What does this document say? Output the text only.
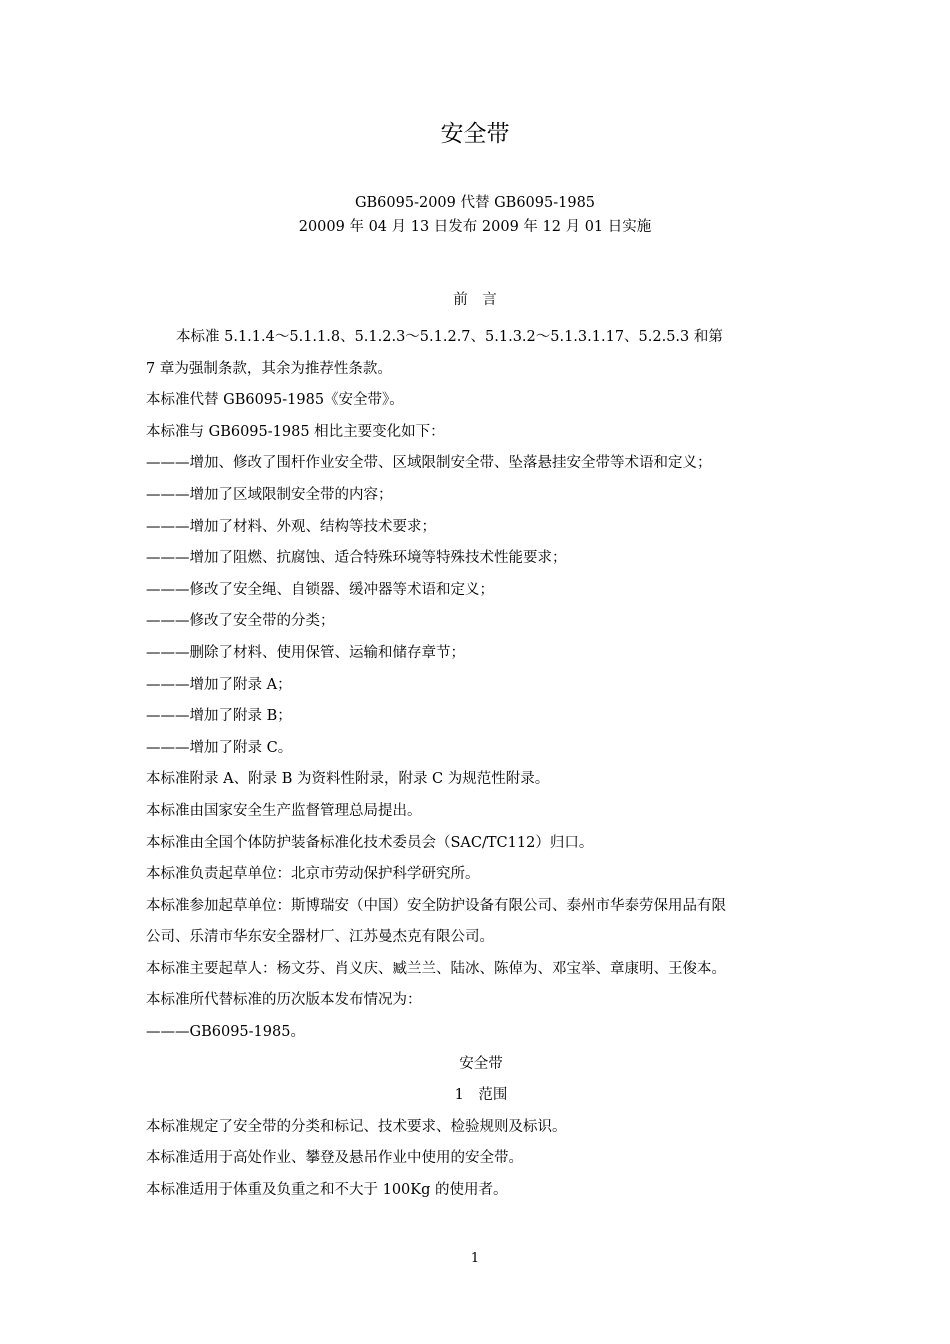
安全带
GB6095-2009 代替 GB6095-1985
20009 年 04 月 13 日发布 2009 年 12 月 01 日实施
前　言
本标准 5.1.1.4～5.1.1.8、5.1.2.3～5.1.2.7、5.1.3.2～5.1.3.1.17、5.2.5.3 和第
7 章为强制条款，其余为推荐性条款。
本标准代替 GB6095-1985《安全带》。
本标准与 GB6095-1985 相比主要变化如下：
———增加、修改了围杆作业安全带、区域限制安全带、坠落悬挂安全带等术语和定义；
———增加了区域限制安全带的内容；
———增加了材料、外观、结构等技术要求；
———增加了阻燃、抗腐蚀、适合特殊环境等特殊技术性能要求；
———修改了安全绳、自锁器、缓冲器等术语和定义；
———修改了安全带的分类；
———删除了材料、使用保管、运输和储存章节；
———增加了附录 A；
———增加了附录 B；
———增加了附录 C。
本标准附录 A、附录 B 为资料性附录，附录 C 为规范性附录。
本标准由国家安全生产监督管理总局提出。
本标准由全国个体防护装备标准化技术委员会（SAC/TC112）归口。
本标准负责起草单位：北京市劳动保护科学研究所。
本标准参加起草单位：斯博瑞安（中国）安全防护设备有限公司、泰州市华泰劳保用品有限
公司、乐清市华东安全器材厂、江苏曼杰克有限公司。
本标准主要起草人：杨文芬、肖义庆、臧兰兰、陆冰、陈倬为、邓宝举、章康明、王俊本。
本标准所代替标准的历次版本发布情况为：
———GB6095-1985。
安全带
1　范围
本标准规定了安全带的分类和标记、技术要求、检验规则及标识。
本标准适用于高处作业、攀登及悬吊作业中使用的安全带。
本标准适用于体重及负重之和不大于 100Kg 的使用者。
1
